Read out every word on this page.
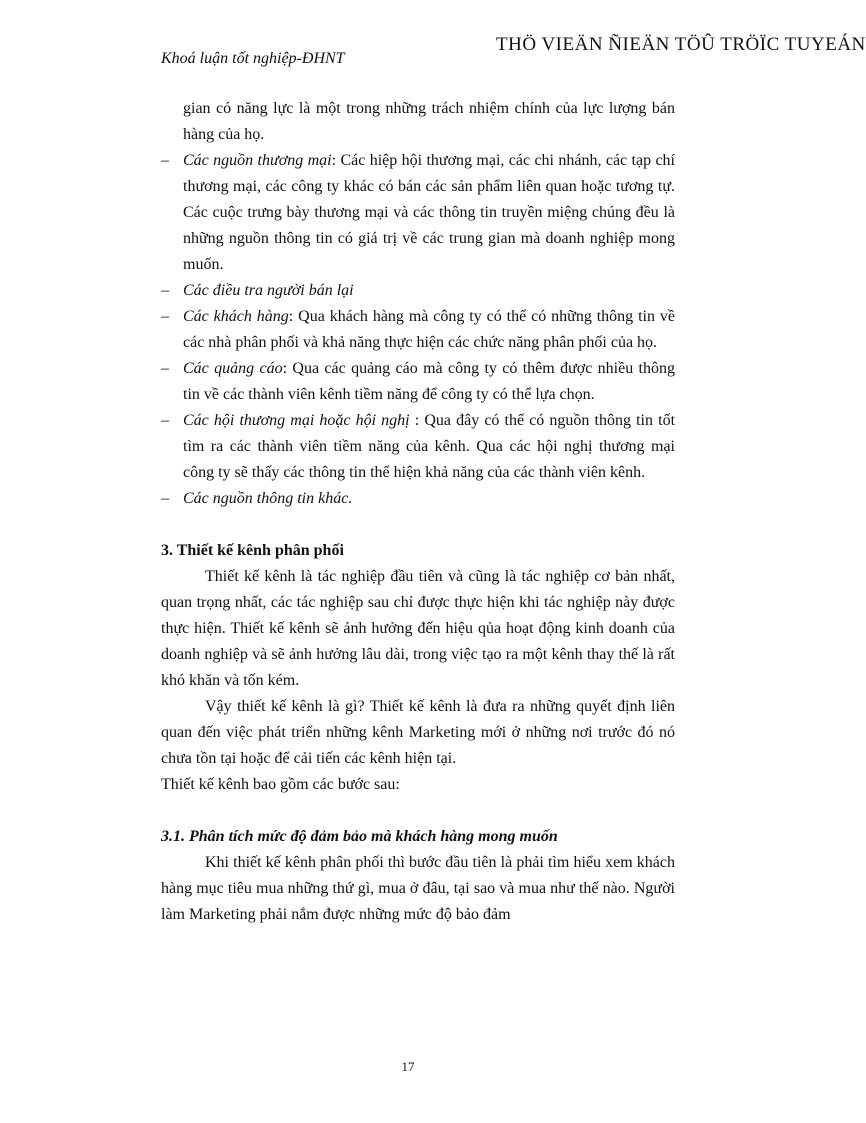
THÖ VIEÄN ÑIEÄN TÖÛ TRÖÏC TUYEÁN
Khoá luận tốt nghiệp-ĐHNT

gian có năng lực là một trong những trách nhiệm chính của lực lượng bán hàng của họ.

– Các nguồn thương mại: Các hiệp hội thương mại, các chi nhánh, các tạp chí thương mại, các công ty khác có bán các sản phẩm liên quan hoặc tương tự. Các cuộc trưng bày thương mại và các thông tin truyền miệng chúng đều là những nguồn thông tin có giá trị về các trung gian mà doanh nghiệp mong muốn.
– Các điều tra người bán lại
– Các khách hàng: Qua khách hàng mà công ty có thể có những thông tin về các nhà phân phối và khả năng thực hiện các chức năng phân phối của họ.
– Các quảng cáo: Qua các quảng cáo mà công ty có thêm được nhiều thông tin về các thành viên kênh tiềm năng để công ty có thể lựa chọn.
– Các hội thương mại hoặc hội nghị : Qua đây có thể có nguồn thông tin tốt tìm ra các thành viên tiềm năng của kênh. Qua các hội nghị thương mại công ty sẽ thấy các thông tin thể hiện khả năng của các thành viên kênh.
– Các nguồn thông tin khác.
3. Thiết kế kênh phân phối

Thiết kế kênh là tác nghiệp đầu tiên và cũng là tác nghiệp cơ bản nhất, quan trọng nhất, các tác nghiệp sau chỉ được thực hiện khi tác nghiệp này được thực hiện. Thiết kế kênh sẽ ảnh hưởng đến hiệu qủa hoạt động kinh doanh của doanh nghiệp và sẽ ảnh hưởng lâu dài, trong việc tạo ra một kênh thay thế là rất khó khăn và tốn kém.

Vậy thiết kế kênh là gì? Thiết kế kênh là đưa ra những quyết định liên quan đến việc phát triển những kênh Marketing mới ở những nơi trước đó nó chưa tồn tại hoặc để cải tiến các kênh hiện tại.

Thiết kế kênh bao gồm các bước sau:

3.1. Phân tích mức độ đảm bảo mà khách hàng mong muốn

Khi thiết kế kênh phân phối thì bước đầu tiên là phải tìm hiểu xem khách hàng mục tiêu mua những thứ gì, mua ở đâu, tại sao và mua như thế nào. Người làm Marketing phải nắm được những mức độ bảo đảm

17
